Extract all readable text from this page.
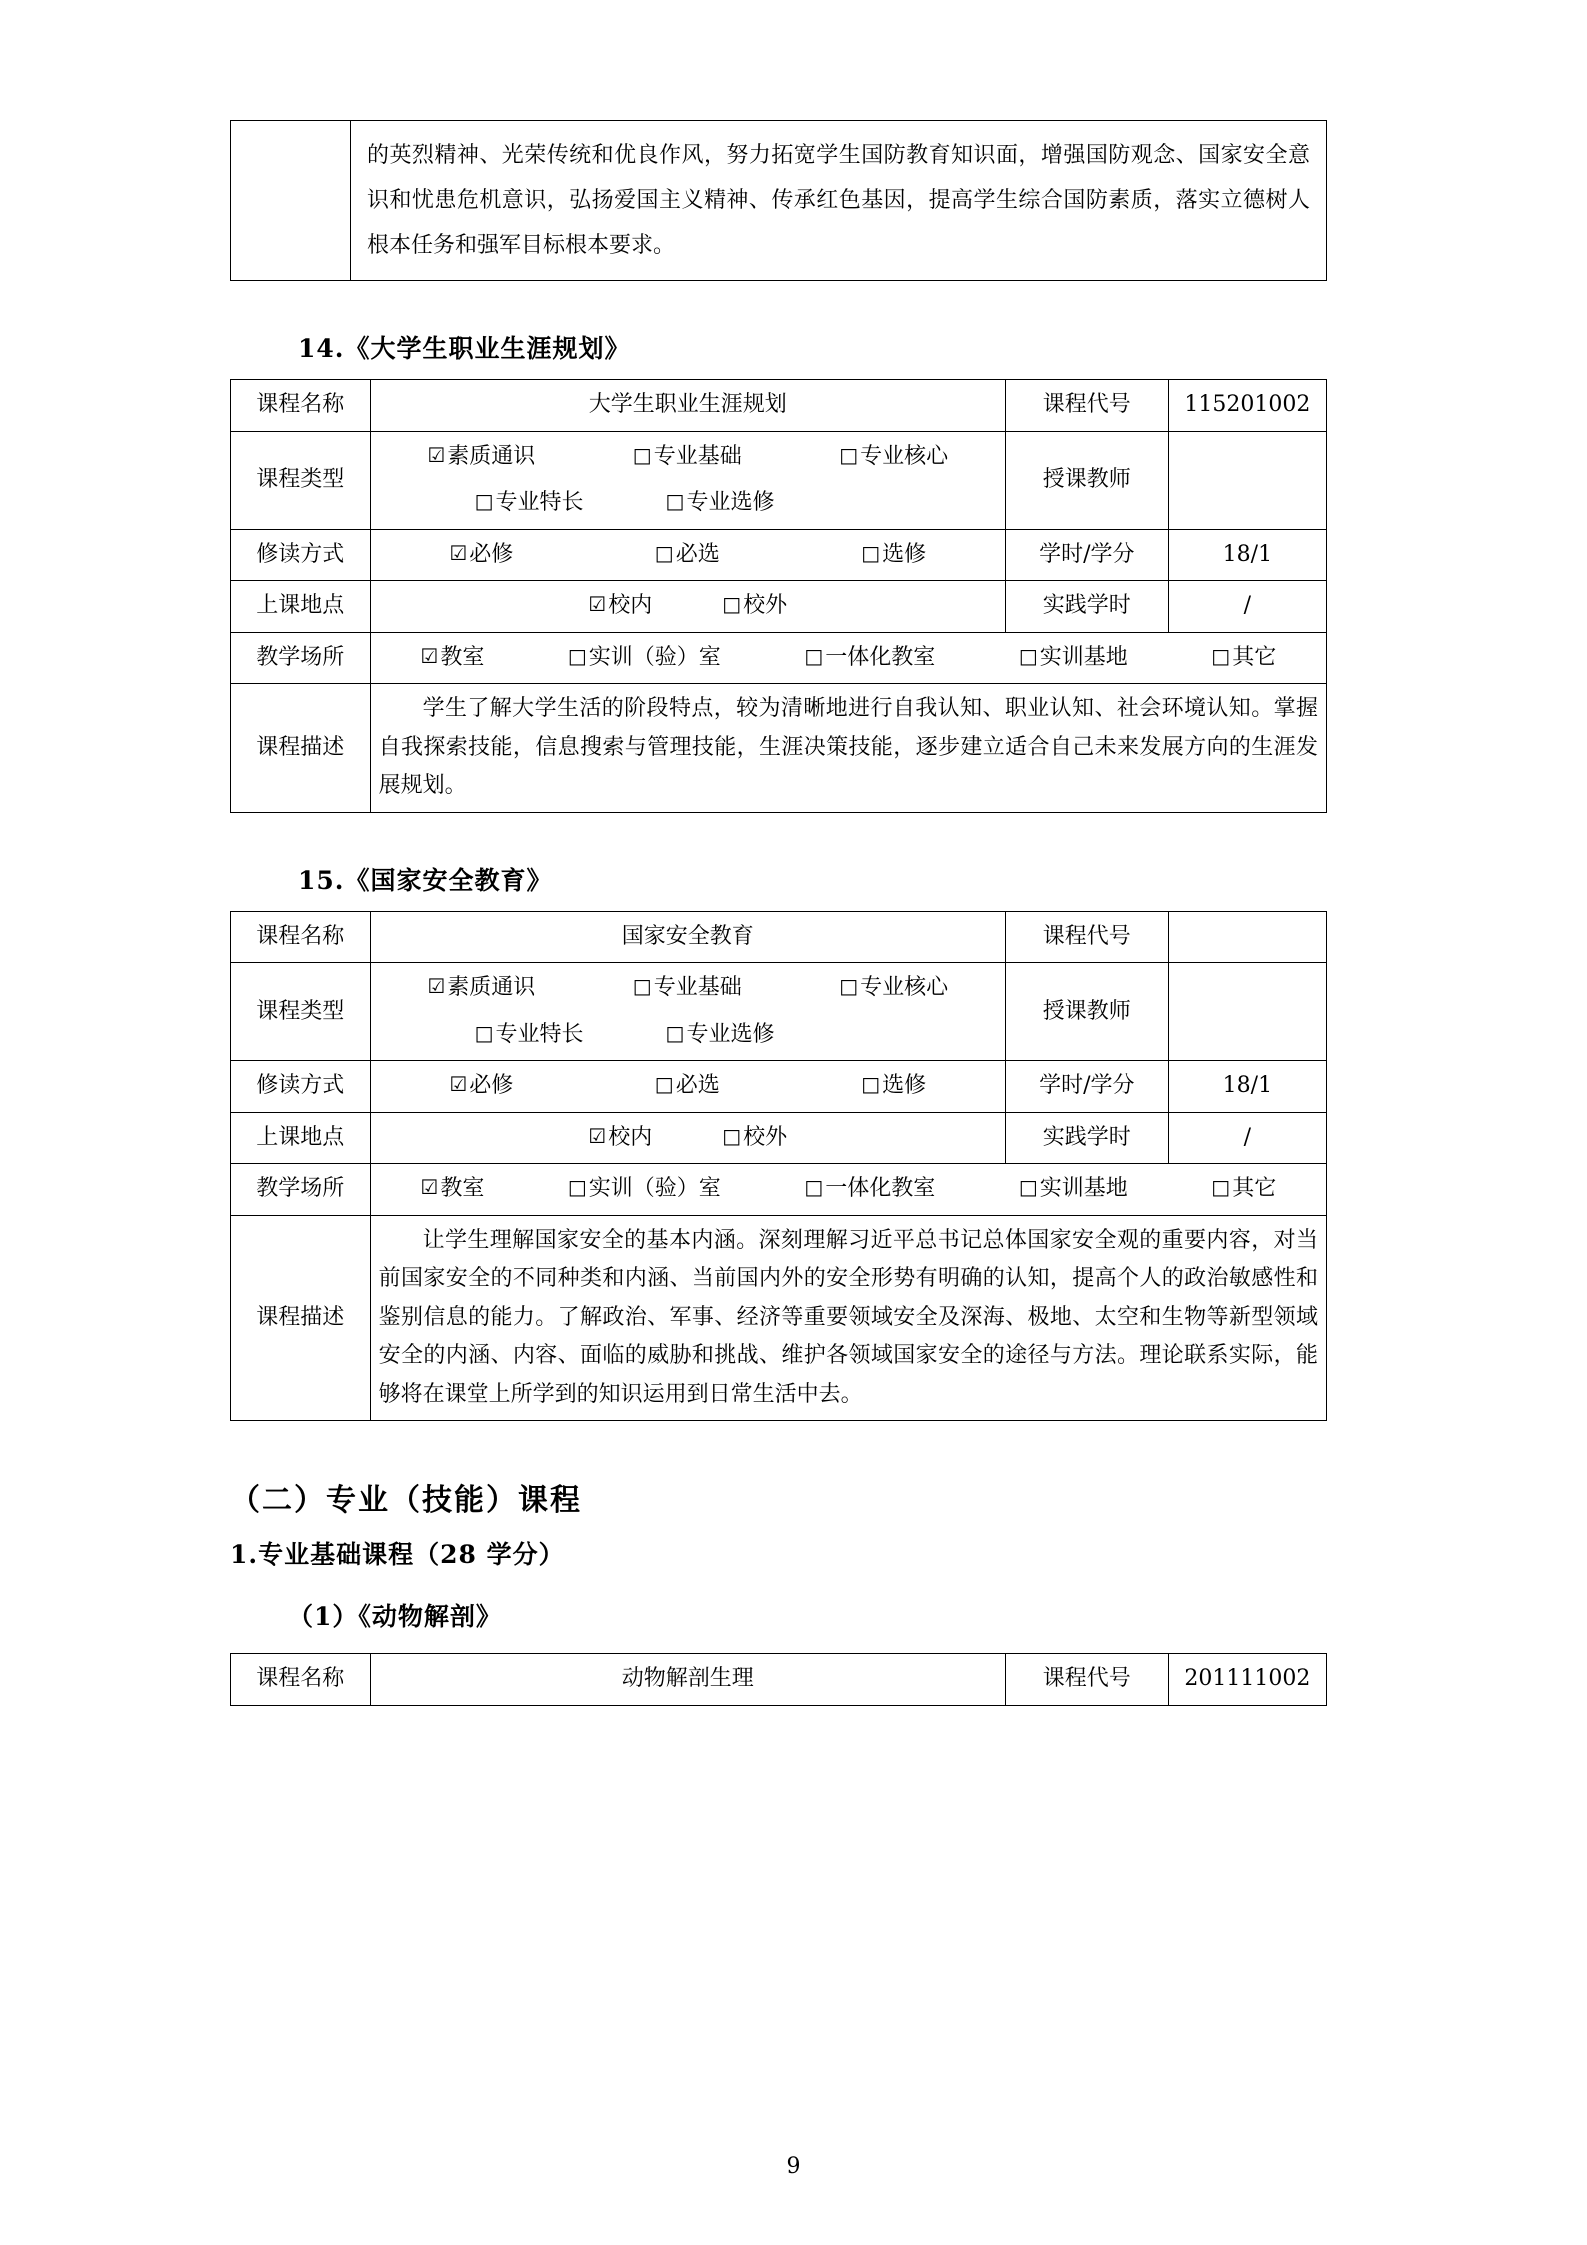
	的英烈精神、光荣传统和优良作风，努力拓宽学生国防教育知识面，增强国防观念、国家安全意识和忧患危机意识，弘扬爱国主义精神、传承红色基因，提高学生综合国防素质，落实立德树人根本任务和强军目标根本要求。
14.《大学生职业生涯规划》
课程名称	大学生职业生涯规划	课程代号	115201002
课程类型	☑素质通识 □专业基础 □专业核心
□专业特长 □专业选修	授课教师	
修读方式	☑必修 □必选 □选修	学时/学分	18/1
上课地点	☑校内 □校外	实践学时	/
教学场所	☑教室 □实训（验）室 □一体化教室 □实训基地 □其它		

课程描述	学生了解大学生活的阶段特点，较为清晰地进行自我认知、职业认知、社会环境认知。掌握自我探索技能，信息搜索与管理技能，生涯决策技能，逐步建立适合自己未来发展方向的生涯发展规划。		
15.《国家安全教育》
课程名称	国家安全教育	课程代号	
课程类型	☑素质通识 □专业基础 □专业核心
□专业特长 □专业选修	授课教师	
修读方式	☑必修 □必选 □选修	学时/学分	18/1
上课地点	☑校内 □校外	实践学时	/
教学场所	☑教室 □实训（验）室 □一体化教室 □实训基地 □其它		

课程描述	让学生理解国家安全的基本内涵。深刻理解习近平总书记总体国家安全观的重要内容，对当前国家安全的不同种类和内涵、当前国内外的安全形势有明确的认知，提高个人的政治敏感性和鉴别信息的能力。了解政治、军事、经济等重要领域安全及深海、极地、太空和生物等新型领域安全的内涵、内容、面临的威胁和挑战、维护各领域国家安全的途径与方法。理论联系实际，能够将在课堂上所学到的知识运用到日常生活中去。		
（二）专业（技能）课程
1.专业基础课程（28 学分）
（1）《动物解剖》
课程名称	动物解剖生理	课程代号	201111002
9
